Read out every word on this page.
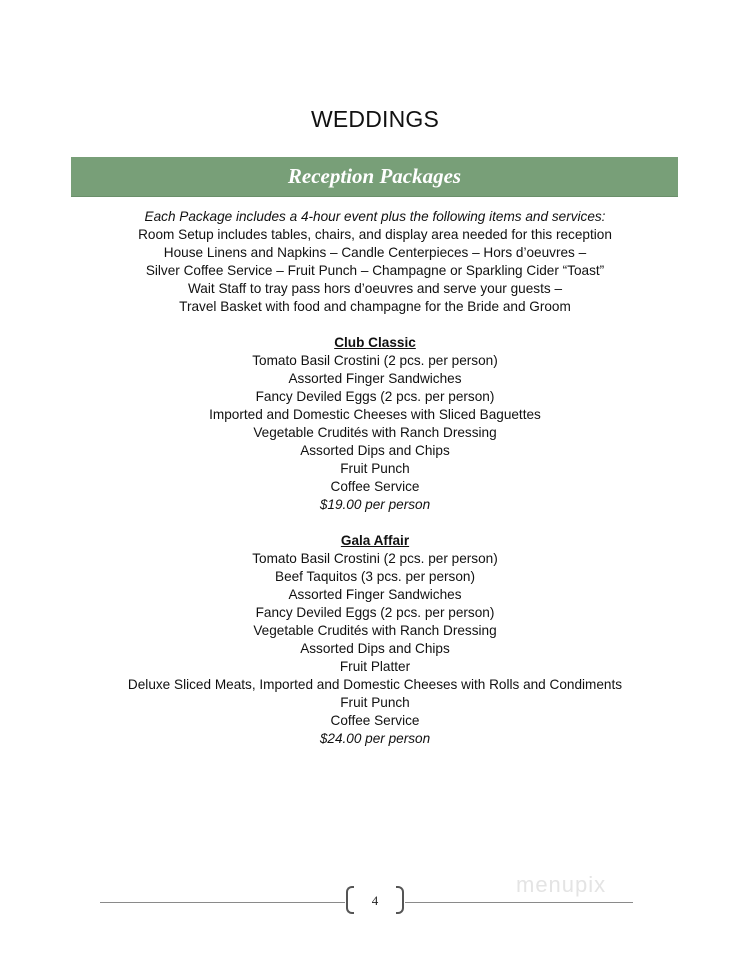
WEDDINGS
Reception Packages
Each Package includes a 4-hour event plus the following items and services:
Room Setup includes tables, chairs, and display area needed for this reception
House Linens and Napkins – Candle Centerpieces – Hors d’oeuvres –
Silver Coffee Service – Fruit Punch – Champagne or Sparkling Cider “Toast”
Wait Staff to tray pass hors d’oeuvres and serve your guests –
Travel Basket with food and champagne for the Bride and Groom
Club Classic
Tomato Basil Crostini (2 pcs. per person)
Assorted Finger Sandwiches
Fancy Deviled Eggs (2 pcs. per person)
Imported and Domestic Cheeses with Sliced Baguettes
Vegetable Crudités with Ranch Dressing
Assorted Dips and Chips
Fruit Punch
Coffee Service
$19.00 per person
Gala Affair
Tomato Basil Crostini (2 pcs. per person)
Beef Taquitos (3 pcs. per person)
Assorted Finger Sandwiches
Fancy Deviled Eggs (2 pcs. per person)
Vegetable Crudités with Ranch Dressing
Assorted Dips and Chips
Fruit Platter
Deluxe Sliced Meats, Imported and Domestic Cheeses with Rolls and Condiments
Fruit Punch
Coffee Service
$24.00 per person
4
menupix
